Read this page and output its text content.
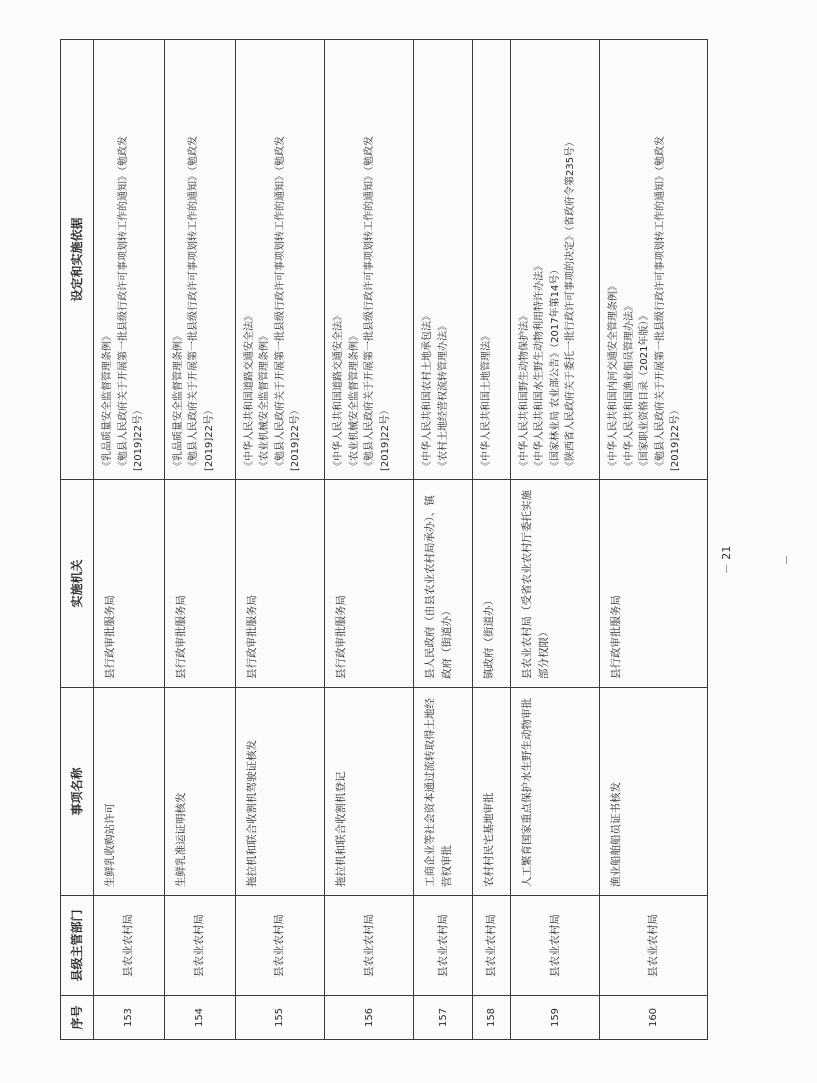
序号	县级主管部门	事项名称	实施机关	设定和实施依据
153	县农业农村局	生鲜乳收购站许可	县行政审批服务局	《乳品质量安全监督管理条例》 《勉县人民政府关于开展第一批县级行政许可事项划转工作的通知》（勉政发 [2019]22号）

154	县农业农村局	生鲜乳准运证明核发	县行政审批服务局	《乳品质量安全监督管理条例》 《勉县人民政府关于开展第一批县级行政许可事项划转工作的通知》（勉政发 [2019]22号）

155	县农业农村局	拖拉机和联合收割机驾驶证核发	县行政审批服务局	《中华人民共和国道路交通安全法》 《农业机械安全监督管理条例》 《勉县人民政府关于开展第一批县级行政许可事项划转工作的通知》（勉政发 [2019]22号）

156	县农业农村局	拖拉机和联合收割机登记	县行政审批服务局	《中华人民共和国道路交通安全法》 《农业机械安全监督管理条例》 《勉县人民政府关于开展第一批县级行政许可事项划转工作的通知》（勉政发 [2019]22号）

157	县农业农村局	工商企业等社会资本通过流转取得土地经营权审批	县人民政府（由县农业农村局承办）、镇政府（街道办）	《中华人民共和国农村土地承包法》 《农村土地经营权流转管理办法》

158	县农业农村局	农村村民宅基地审批	镇政府（街道办）	《中华人民共和国土地管理法》

159	县农业农村局	人工繁育国家重点保护水生野生动物审批	县农业农村局（受省农业农村厅委托实施部分权限）	《中华人民共和国野生动物保护法》 《中华人民共和国水生野生动物利用特许办法》 《国家林业局 农业部公告》（2017年第14号） 《陕西省人民政府关于委托一批行政许可事项的决定》（省政府令第235号）

160	县农业农村局	渔业船舶船员证书核发	县行政审批服务局	《中华人民共和国内河交通安全管理条例》 《中华人民共和国渔业船员管理办法》 《国家职业资格目录（2021年版）》 《勉县人民政府关于开展第一批县级行政许可事项划转工作的通知》（勉政发 [2019]22号）
－ 21 －
